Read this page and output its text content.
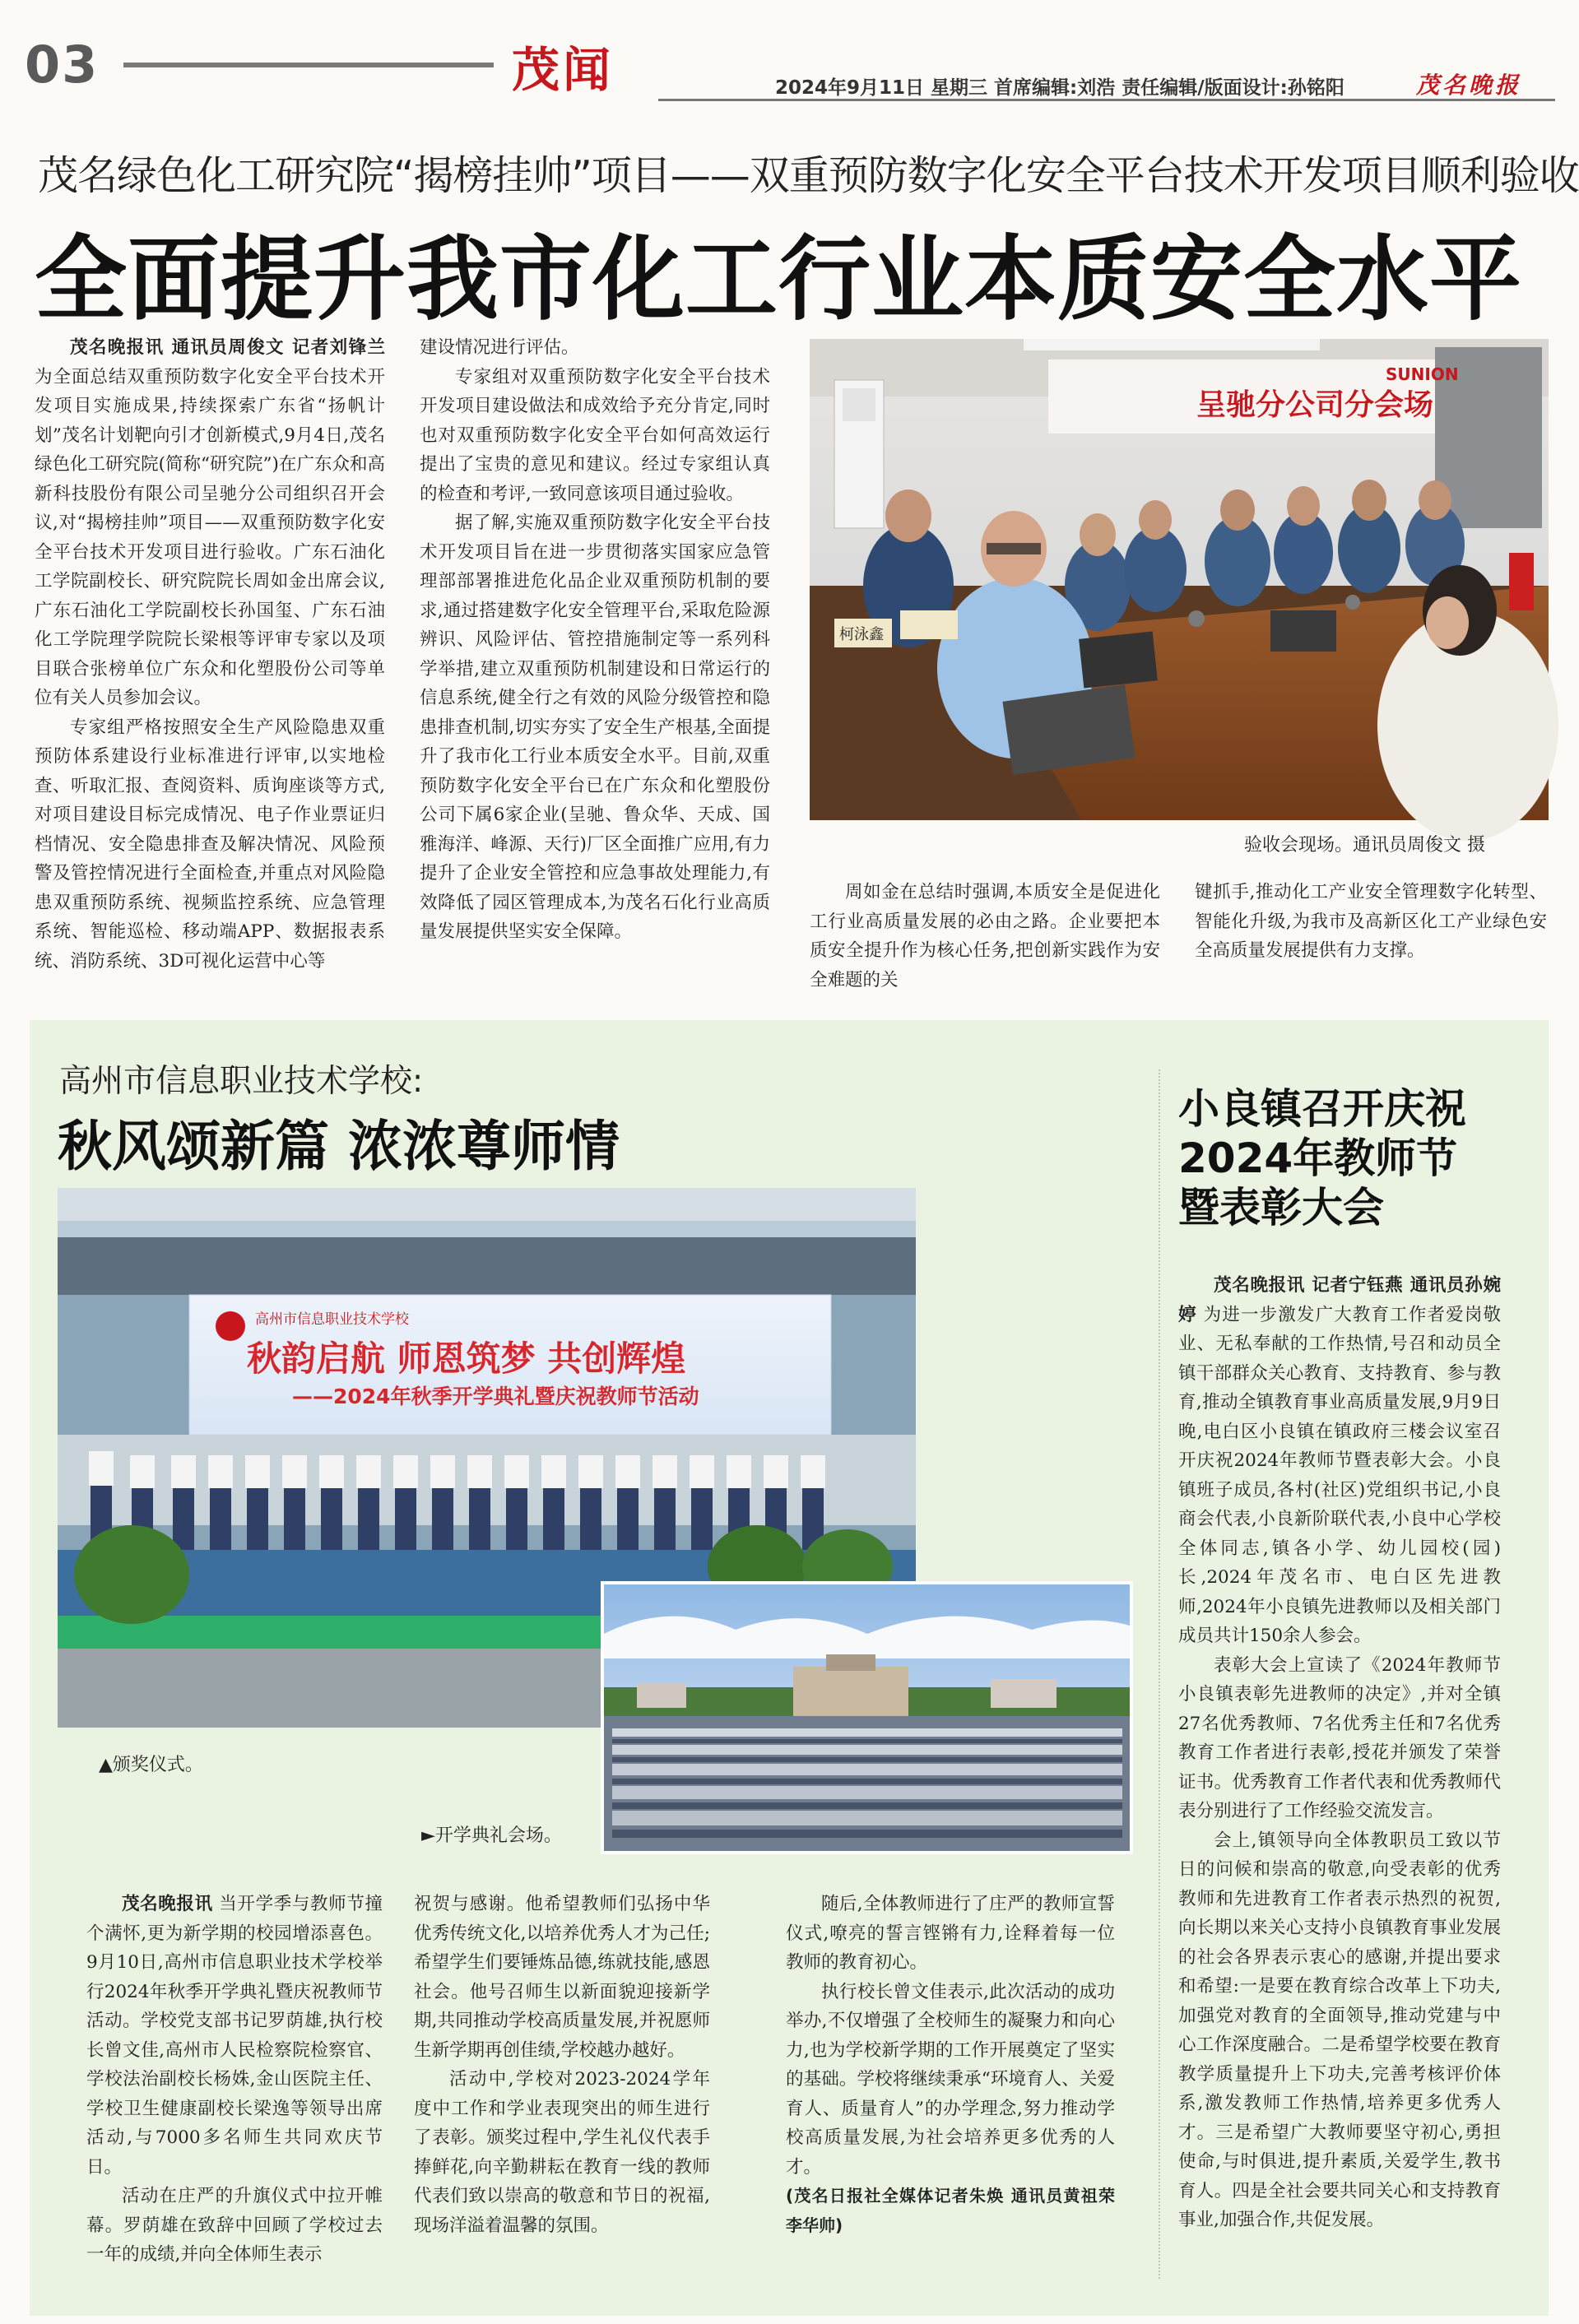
03	茂闻	2024年9月11日 星期三 首席编辑:刘浩 责任编辑/版面设计:孙铭阳	茂名晚报
茂名绿色化工研究院“揭榜挂帅”项目——双重预防数字化安全平台技术开发项目顺利验收
全面提升我市化工行业本质安全水平

茂名晚报讯 通讯员周俊文 记者刘锋兰 为全面总结双重预防数字化安全平台技术开发项目实施成果,持续探索广东省“扬帆计划”茂名计划靶向引才创新模式,9月4日,茂名绿色化工研究院(简称“研究院”)在广东众和高新科技股份有限公司呈驰分公司组织召开会议,对“揭榜挂帅”项目——双重预防数字化安全平台技术开发项目进行验收。广东石油化工学院副校长、研究院院长周如金出席会议,广东石油化工学院副校长孙国玺、广东石油化工学院理学院院长梁根等评审专家以及项目联合张榜单位广东众和化塑股份公司等单位有关人员参加会议。

专家组严格按照安全生产风险隐患双重预防体系建设行业标准进行评审,以实地检查、听取汇报、查阅资料、质询座谈等方式,对项目建设目标完成情况、电子作业票证归档情况、安全隐患排查及解决情况、风险预警及管控情况进行全面检查,并重点对风险隐患双重预防系统、视频监控系统、应急管理系统、智能巡检、移动端APP、数据报表系统、消防系统、3D可视化运营中心等

建设情况进行评估。

专家组对双重预防数字化安全平台技术开发项目建设做法和成效给予充分肯定,同时也对双重预防数字化安全平台如何高效运行提出了宝贵的意见和建议。经过专家组认真的检查和考评,一致同意该项目通过验收。

据了解,实施双重预防数字化安全平台技术开发项目旨在进一步贯彻落实国家应急管理部部署推进危化品企业双重预防机制的要求,通过搭建数字化安全管理平台,采取危险源辨识、风险评估、管控措施制定等一系列科学举措,建立双重预防机制建设和日常运行的信息系统,健全行之有效的风险分级管控和隐患排查机制,切实夯实了安全生产根基,全面提升了我市化工行业本质安全水平。目前,双重预防数字化安全平台已在广东众和化塑股份公司下属6家企业(呈驰、鲁众华、天成、国雅海洋、峰源、天行)厂区全面推广应用,有力提升了企业安全管控和应急事故处理能力,有效降低了园区管理成本,为茂名石化行业高质量发展提供坚实安全保障。

柯泳鑫
SUNION
呈驰分公司分会场
验收会现场。通讯员周俊文 摄

周如金在总结时强调,本质安全是促进化工行业高质量发展的必由之路。企业要把本质安全提升作为核心任务,把创新实践作为安全难题的关

键抓手,推动化工产业安全管理数字化转型、智能化升级,为我市及高新区化工产业绿色安全高质量发展提供有力支撑。

高州市信息职业技术学校:
秋风颂新篇 浓浓尊师情
高州市信息职业技术学校
秋韵启航 师恩筑梦 共创辉煌
——2024年秋季开学典礼暨庆祝教师节活动
▲颁奖仪式。
►开学典礼会场。

茂名晚报讯 当开学季与教师节撞个满怀,更为新学期的校园增添喜色。9月10日,高州市信息职业技术学校举行2024年秋季开学典礼暨庆祝教师节活动。学校党支部书记罗荫雄,执行校长曾文佳,高州市人民检察院检察官、学校法治副校长杨姝,金山医院主任、学校卫生健康副校长梁逸等领导出席活动,与7000多名师生共同欢庆节日。

活动在庄严的升旗仪式中拉开帷幕。罗荫雄在致辞中回顾了学校过去一年的成绩,并向全体师生表示

祝贺与感谢。他希望教师们弘扬中华优秀传统文化,以培养优秀人才为己任;希望学生们要锤炼品德,练就技能,感恩社会。他号召师生以新面貌迎接新学期,共同推动学校高质量发展,并祝愿师生新学期再创佳绩,学校越办越好。

活动中,学校对2023-2024学年度中工作和学业表现突出的师生进行了表彰。颁奖过程中,学生礼仪代表手捧鲜花,向辛勤耕耘在教育一线的教师代表们致以崇高的敬意和节日的祝福,现场洋溢着温馨的氛围。

随后,全体教师进行了庄严的教师宣誓仪式,嘹亮的誓言铿锵有力,诠释着每一位教师的教育初心。

执行校长曾文佳表示,此次活动的成功举办,不仅增强了全校师生的凝聚力和向心力,也为学校新学期的工作开展奠定了坚实的基础。学校将继续秉承“环境育人、关爱育人、质量育人”的办学理念,努力推动学校高质量发展,为社会培养更多优秀的人才。

(茂名日报社全媒体记者朱焕 通讯员黄祖荣 李华帅)

小良镇召开庆祝
2024年教师节
暨表彰大会

茂名晚报讯 记者宁钰燕 通讯员孙婉婷 为进一步激发广大教育工作者爱岗敬业、无私奉献的工作热情,号召和动员全镇干部群众关心教育、支持教育、参与教育,推动全镇教育事业高质量发展,9月9日晚,电白区小良镇在镇政府三楼会议室召开庆祝2024年教师节暨表彰大会。小良镇班子成员,各村(社区)党组织书记,小良商会代表,小良新阶联代表,小良中心学校全体同志,镇各小学、幼儿园校(园)长,2024年茂名市、电白区先进教师,2024年小良镇先进教师以及相关部门成员共计150余人参会。

表彰大会上宣读了《2024年教师节小良镇表彰先进教师的决定》,并对全镇27名优秀教师、7名优秀主任和7名优秀教育工作者进行表彰,授花并颁发了荣誉证书。优秀教育工作者代表和优秀教师代表分别进行了工作经验交流发言。

会上,镇领导向全体教职员工致以节日的问候和崇高的敬意,向受表彰的优秀教师和先进教育工作者表示热烈的祝贺,向长期以来关心支持小良镇教育事业发展的社会各界表示衷心的感谢,并提出要求和希望:一是要在教育综合改革上下功夫,加强党对教育的全面领导,推动党建与中心工作深度融合。二是希望学校要在教育教学质量提升上下功夫,完善考核评价体系,激发教师工作热情,培养更多优秀人才。三是希望广大教师要坚守初心,勇担使命,与时俱进,提升素质,关爱学生,教书育人。四是全社会要共同关心和支持教育事业,加强合作,共促发展。
